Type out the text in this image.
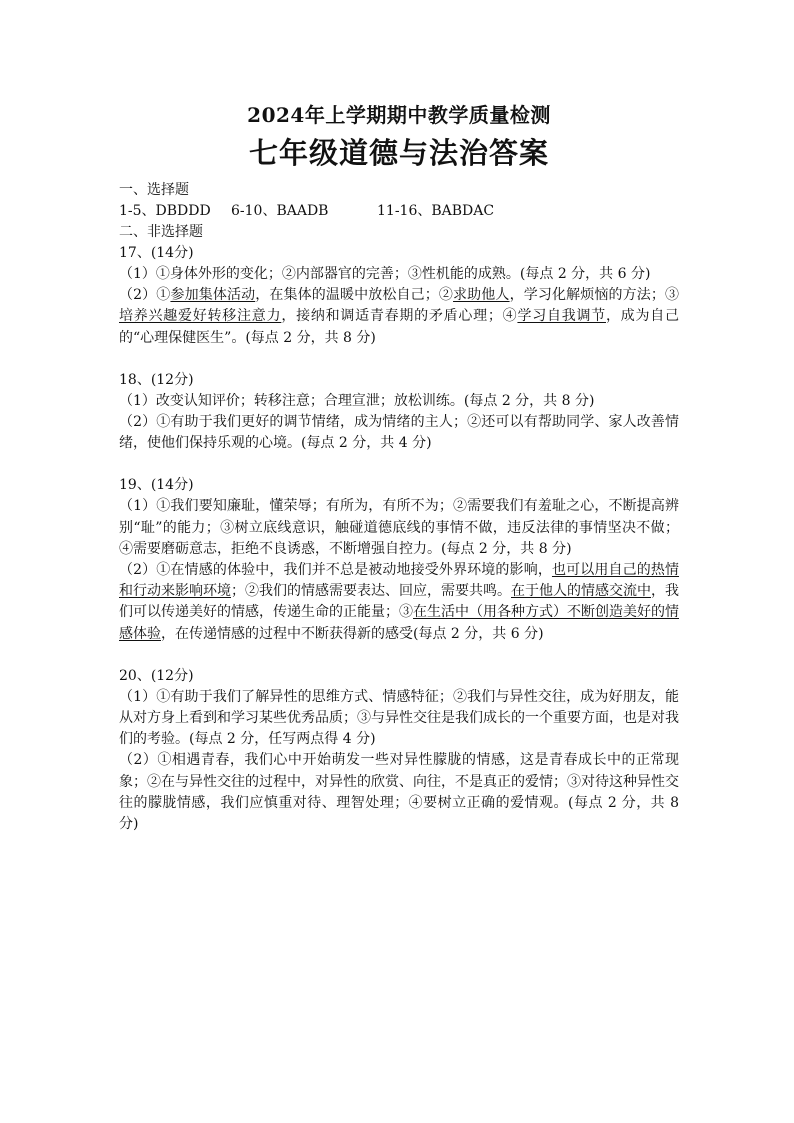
2024年上学期期中教学质量检测
七年级道德与法治答案
一、选择题
1-5、DBDDD 6-10、BAADB	11-16、BABDAC
二、非选择题
17、(14分)

（1）①身体外形的变化；②内部器官的完善；③性机能的成熟。(每点 2 分，共 6 分)

（2）①参加集体活动，在集体的温暖中放松自己；②求助他人，学习化解烦恼的方法；③培养兴趣爱好转移注意力，接纳和调适青春期的矛盾心理；④学习自我调节，成为自己的“心理保健医生”。(每点 2 分，共 8 分)

18、(12分)

（1）改变认知评价；转移注意；合理宣泄；放松训练。(每点 2 分，共 8 分)

（2）①有助于我们更好的调节情绪，成为情绪的主人；②还可以有帮助同学、家人改善情绪，使他们保持乐观的心境。(每点 2 分，共 4 分)

19、(14分)

（1）①我们要知廉耻，懂荣辱；有所为，有所不为；②需要我们有羞耻之心，不断提高辨别“耻”的能力；③树立底线意识，触碰道德底线的事情不做，违反法律的事情坚决不做；④需要磨砺意志，拒绝不良诱惑，不断增强自控力。(每点 2 分，共 8 分)

（2）①在情感的体验中，我们并不总是被动地接受外界环境的影响，也可以用自己的热情和行动来影响环境；②我们的情感需要表达、回应，需要共鸣。在于他人的情感交流中，我们可以传递美好的情感，传递生命的正能量；③在生活中（用各种方式）不断创造美好的情感体验，在传递情感的过程中不断获得新的感受(每点 2 分，共 6 分)

20、(12分)

（1）①有助于我们了解异性的思维方式、情感特征；②我们与异性交往，成为好朋友，能从对方身上看到和学习某些优秀品质；③与异性交往是我们成长的一个重要方面，也是对我们的考验。(每点 2 分，任写两点得 4 分)

（2）①相遇青春，我们心中开始萌发一些对异性朦胧的情感，这是青春成长中的正常现象；②在与异性交往的过程中，对异性的欣赏、向往，不是真正的爱情；③对待这种异性交往的朦胧情感，我们应慎重对待、理智处理；④要树立正确的爱情观。(每点 2 分，共 8 分)
